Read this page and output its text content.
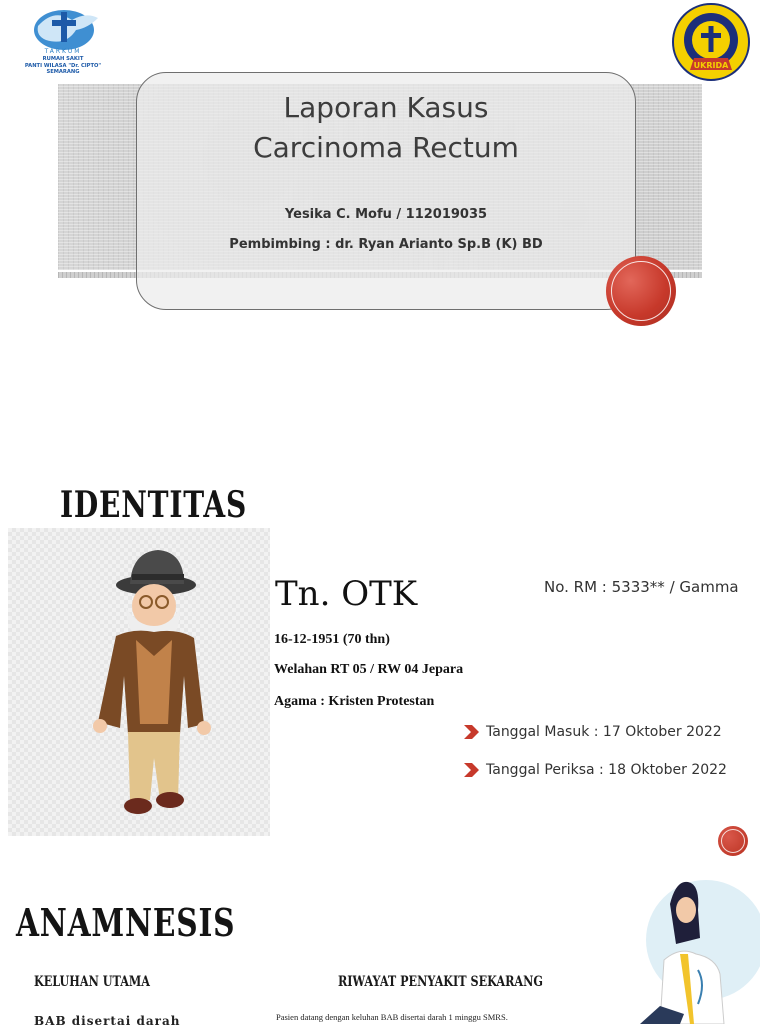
TARKUM
RUMAH SAKIT
PANTI WILASA "Dr. CIPTO"
SEMARANG
UKRIDA
Laporan Kasus
Carcinoma Rectum
Yesika C. Mofu / 112019035
Pembimbing : dr. Ryan Arianto Sp.B (K) BD
IDENTITAS
Tn. OTK	No. RM : 5333** / Gamma
16-12-1951 (70 thn)
Welahan RT 05 / RW 04 Jepara
Agama : Kristen Protestan
Tanggal Masuk : 17 Oktober 2022
Tanggal Periksa : 18 Oktober 2022
ANAMNESIS
KELUHAN UTAMA	RIWAYAT PENYAKIT SEKARANG
Pasien datang dengan keluhan BAB disertai darah 1 minggu SMRS.
BAB disertai darah
